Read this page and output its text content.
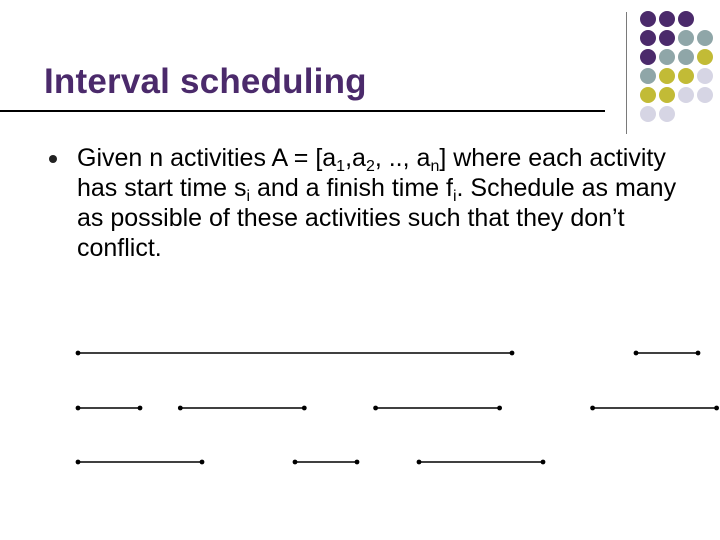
Interval scheduling
Given n activities $A = [a_1,a_2$, .., $a_n$] where each activity has start time $s_i$ and a finish time $f_i$. Schedule as many as possible of these activities such that they don’t conflict.
